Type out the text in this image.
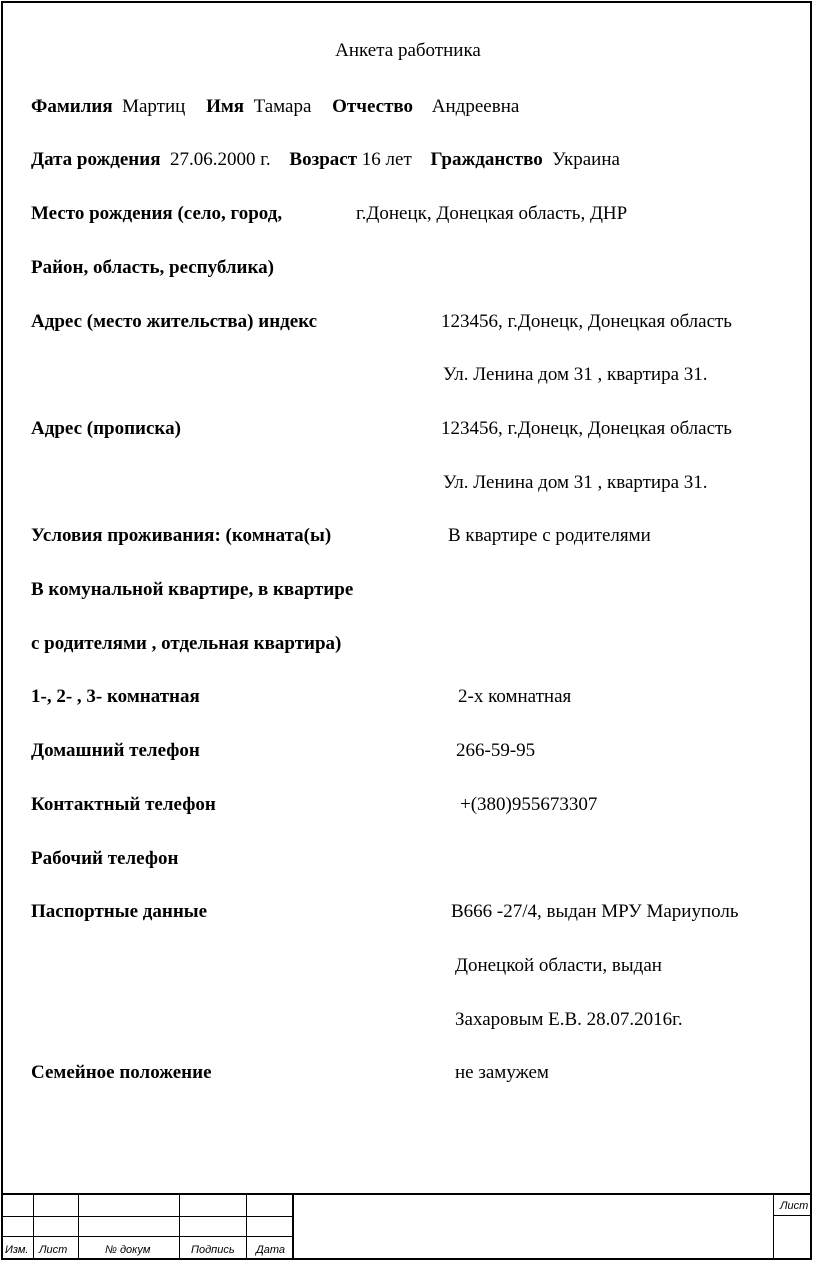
Анкета работника
Фамилия Мартиц Имя Тамара Отчество Андреевна
Дата рождения 27.06.2000 г. Возраст 16 лет Гражданство Украина
Место рождения (село, город,	г.Донецк, Донецкая область, ДНР
Район, область, республика)
Адрес (место жительства) индекс	123456, г.Донецк, Донецкая область
Ул. Ленина дом 31 , квартира 31.
Адрес (прописка)	123456, г.Донецк, Донецкая область
Ул. Ленина дом 31 , квартира 31.
Условия проживания: (комната(ы)	В квартире с родителями
В комунальной квартире, в квартире
с родителями , отдельная квартира)
1-, 2- , 3- комнатная	2-х комнатная
Домашний телефон	266-59-95
Контактный телефон	+(380)955673307
Рабочий телефон
Паспортные данные	В666 -27/4, выдан МРУ Мариуполь
Донецкой области, выдан
Захаровым Е.В. 28.07.2016г.
Семейное положение	не замужем
Изм. Лист	№ докум	Подпись Дата
Лист
